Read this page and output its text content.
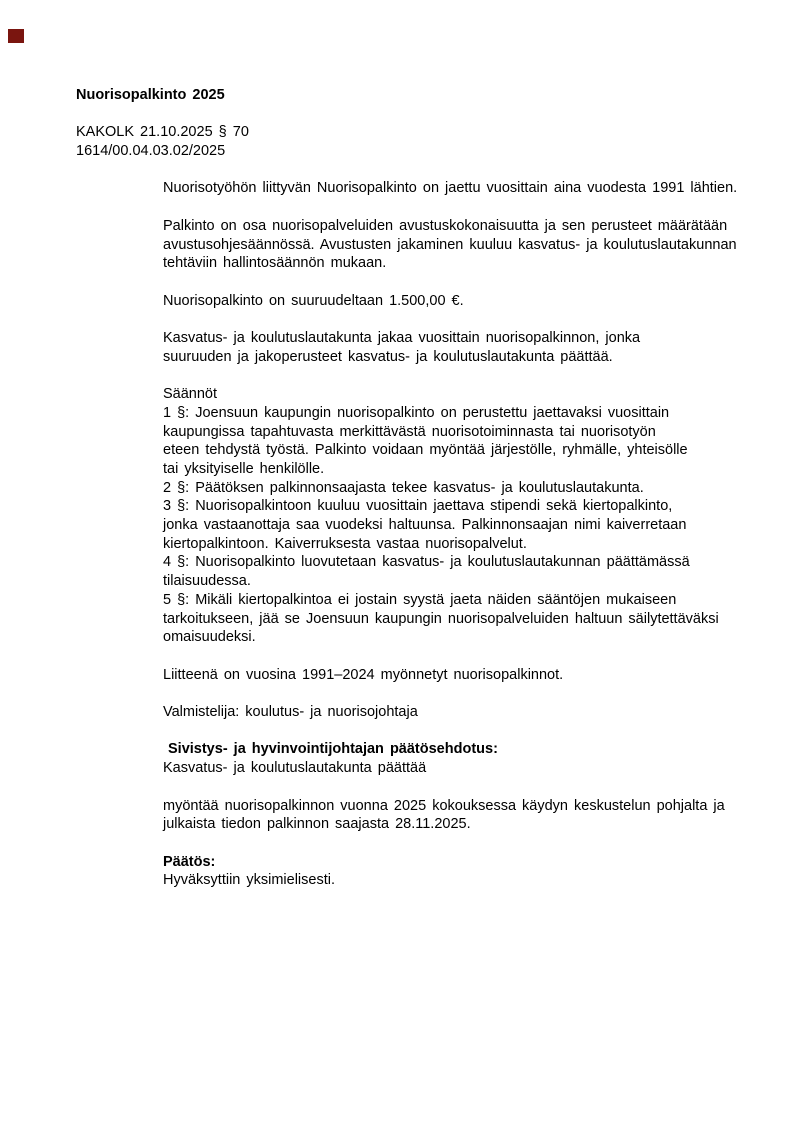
Nuorisopalkinto 2025
KAKOLK 21.10.2025 § 70
1614/00.04.03.02/2025
Nuorisotyöhön liittyvän Nuorisopalkinto on jaettu vuosittain aina vuodesta 1991 lähtien.
Palkinto on osa nuorisopalveluiden avustuskokonaisuutta ja sen perusteet määrätään
avustusohjesäännössä. Avustusten jakaminen kuuluu kasvatus- ja koulutuslautakunnan
tehtäviin hallintosäännön mukaan.
Nuorisopalkinto on suuruudeltaan 1.500,00 €.
Kasvatus- ja koulutuslautakunta jakaa vuosittain nuorisopalkinnon, jonka
suuruuden ja jakoperusteet kasvatus- ja koulutuslautakunta päättää.
Säännöt
1 §: Joensuun kaupungin nuorisopalkinto on perustettu jaettavaksi vuosittain
kaupungissa tapahtuvasta merkittävästä nuorisotoiminnasta tai nuorisotyön
eteen tehdystä työstä. Palkinto voidaan myöntää järjestölle, ryhmälle, yhteisölle
tai yksityiselle henkilölle.
2 §: Päätöksen palkinnonsaajasta tekee kasvatus- ja koulutuslautakunta.
3 §: Nuorisopalkintoon kuuluu vuosittain jaettava stipendi sekä kiertopalkinto,
jonka vastaanottaja saa vuodeksi haltuunsa. Palkinnonsaajan nimi kaiverretaan
kiertopalkintoon. Kaiverruksesta vastaa nuorisopalvelut.
4 §: Nuorisopalkinto luovutetaan kasvatus- ja koulutuslautakunnan päättämässä
tilaisuudessa.
5 §: Mikäli kiertopalkintoa ei jostain syystä jaeta näiden sääntöjen mukaiseen
tarkoitukseen, jää se Joensuun kaupungin nuorisopalveluiden haltuun säilytettäväksi
omaisuudeksi.
Liitteenä on vuosina 1991–2024 myönnetyt nuorisopalkinnot.
Valmistelija: koulutus- ja nuorisojohtaja
Sivistys- ja hyvinvointijohtajan päätösehdotus:
Kasvatus- ja koulutuslautakunta päättää
myöntää nuorisopalkinnon vuonna 2025 kokouksessa käydyn keskustelun pohjalta ja
julkaista tiedon palkinnon saajasta 28.11.2025.
Päätös:
Hyväksyttiin yksimielisesti.
